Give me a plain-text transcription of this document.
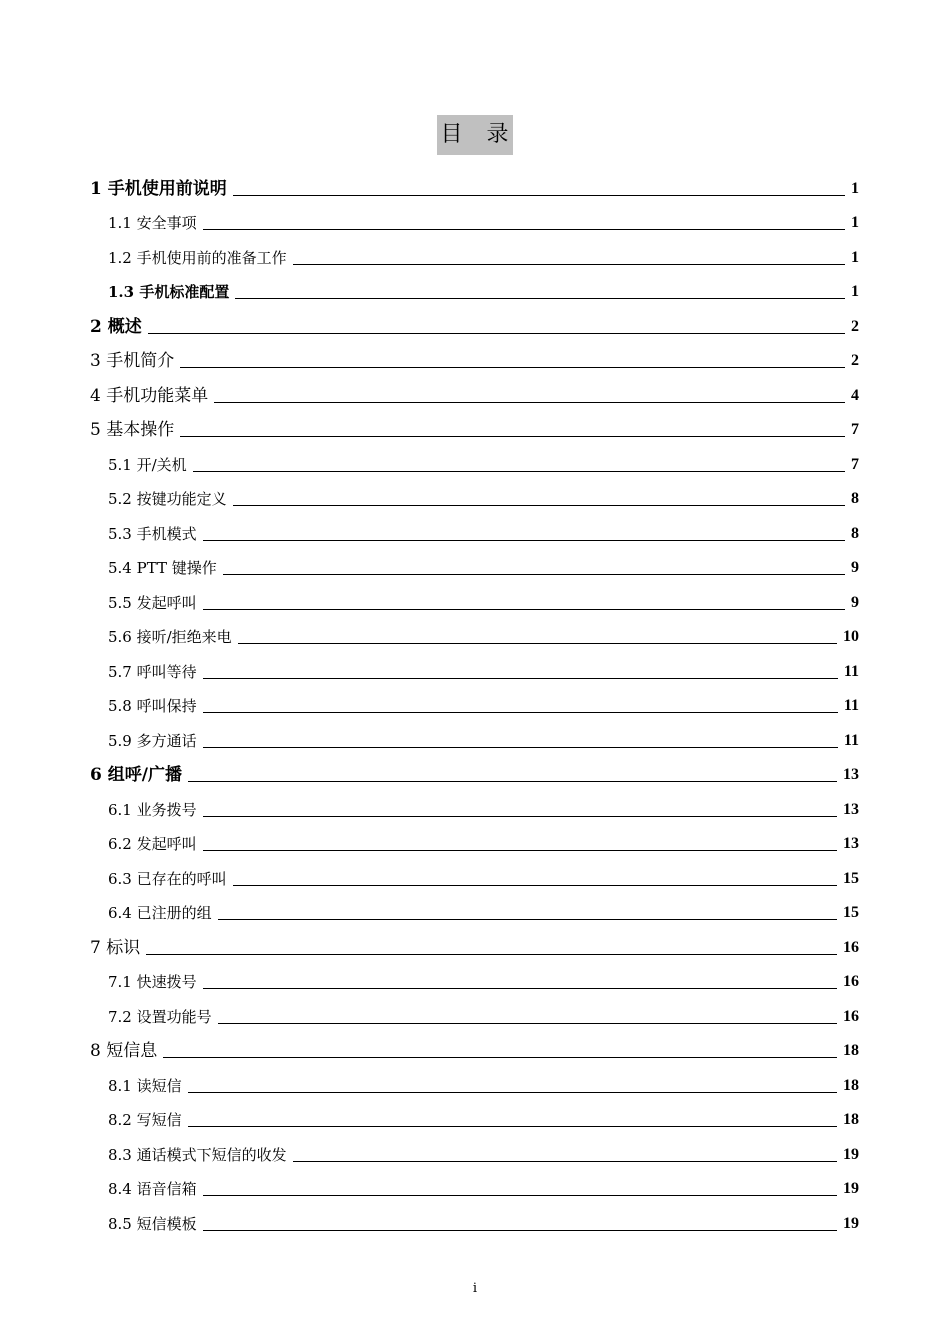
目　录
1 手机使用前说明	1
1.1 安全事项	1
1.2 手机使用前的准备工作	1
1.3 手机标准配置	1
2 概述	2
3 手机简介	2
4 手机功能菜单	4
5 基本操作	7
5.1 开/关机	7
5.2 按键功能定义	8
5.3 手机模式	8
5.4 PTT 键操作	9
5.5 发起呼叫	9
5.6 接听/拒绝来电	10
5.7 呼叫等待	11
5.8 呼叫保持	11
5.9 多方通话	11
6 组呼/广播	13
6.1 业务拨号	13
6.2 发起呼叫	13
6.3 已存在的呼叫	15
6.4 已注册的组	15
7 标识	16
7.1 快速拨号	16
7.2 设置功能号	16
8 短信息	18
8.1 读短信	18
8.2 写短信	18
8.3 通话模式下短信的收发	19
8.4 语音信箱	19
8.5 短信模板	19
i
